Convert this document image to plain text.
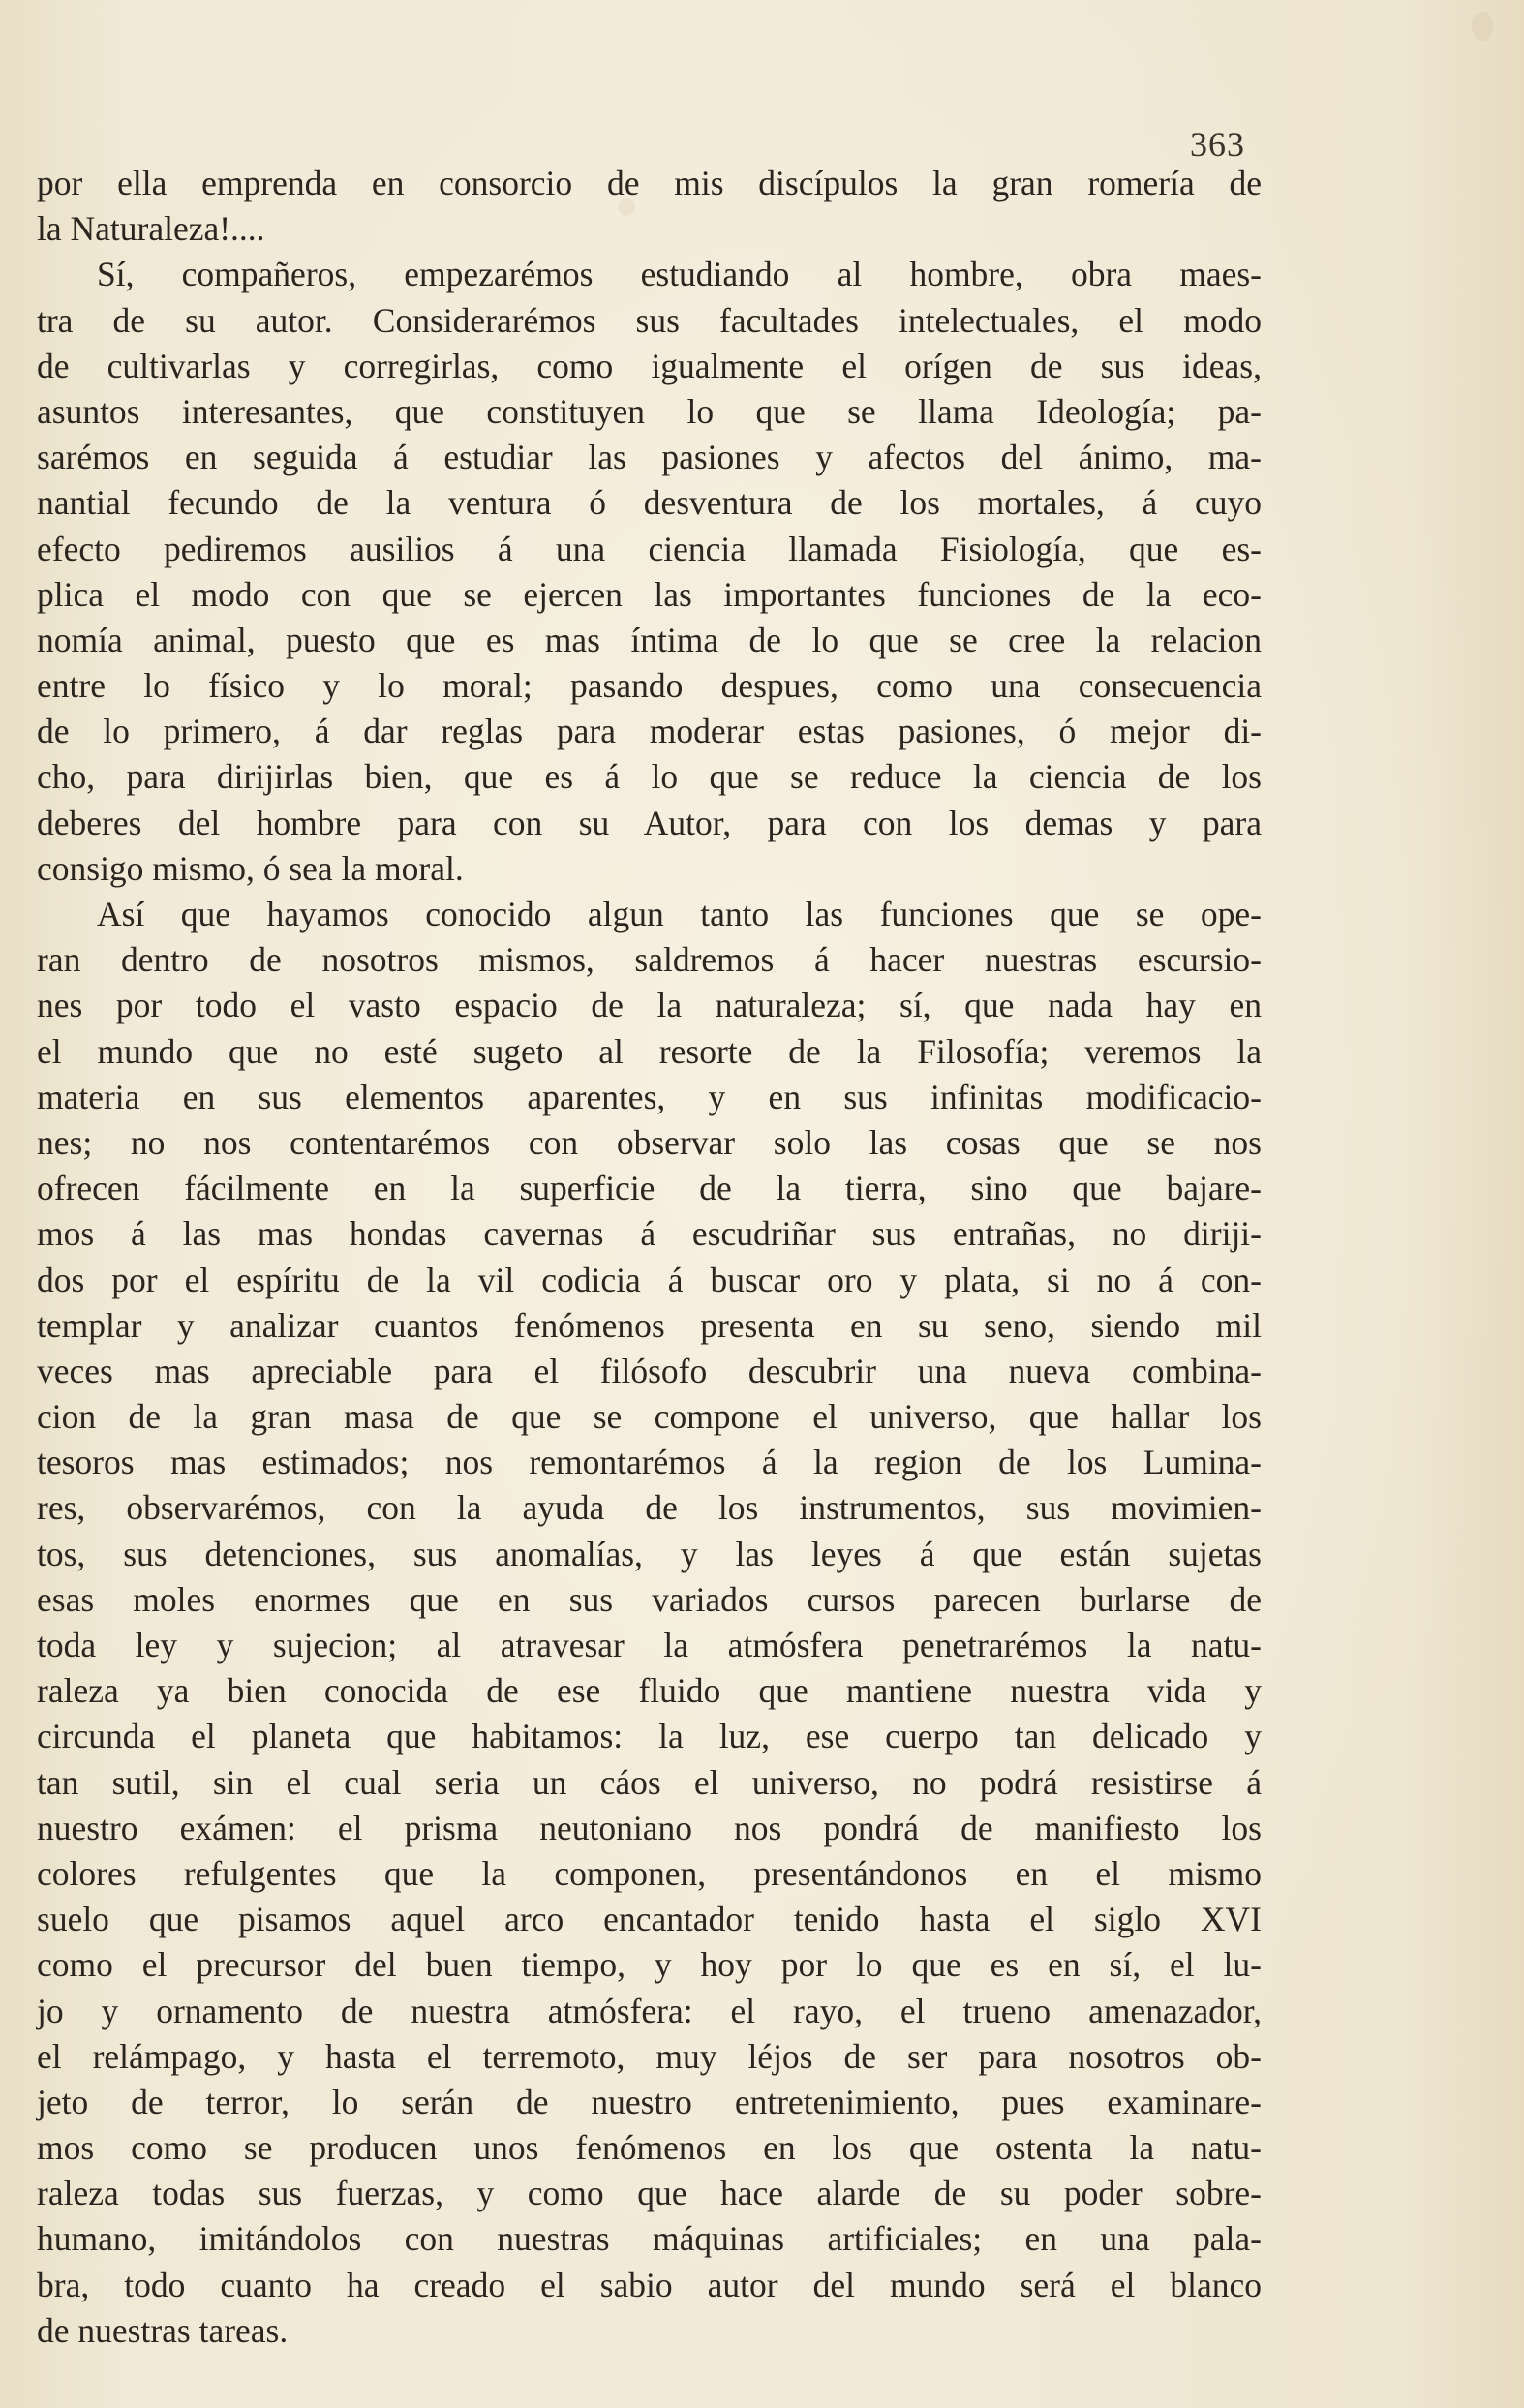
363
por ella emprenda en consorcio de mis discípulos la gran romería de
la Naturaleza!....
Sí, compañeros, empezarémos estudiando al hombre, obra maes-
tra de su autor. Considerarémos sus facultades intelectuales, el modo
de cultivarlas y corregirlas, como igualmente el orígen de sus ideas,
asuntos interesantes, que constituyen lo que se llama Ideología; pa-
sarémos en seguida á estudiar las pasiones y afectos del ánimo, ma-
nantial fecundo de la ventura ó desventura de los mortales, á cuyo
efecto pediremos ausilios á una ciencia llamada Fisiología, que es-
plica el modo con que se ejercen las importantes funciones de la eco-
nomía animal, puesto que es mas íntima de lo que se cree la relacion
entre lo físico y lo moral; pasando despues, como una consecuencia
de lo primero, á dar reglas para moderar estas pasiones, ó mejor di-
cho, para dirijirlas bien, que es á lo que se reduce la ciencia de los
deberes del hombre para con su Autor, para con los demas y para
consigo mismo, ó sea la moral.
Así que hayamos conocido algun tanto las funciones que se ope-
ran dentro de nosotros mismos, saldremos á hacer nuestras escursio-
nes por todo el vasto espacio de la naturaleza; sí, que nada hay en
el mundo que no esté sugeto al resorte de la Filosofía; veremos la
materia en sus elementos aparentes, y en sus infinitas modificacio-
nes; no nos contentarémos con observar solo las cosas que se nos
ofrecen fácilmente en la superficie de la tierra, sino que bajare-
mos á las mas hondas cavernas á escudriñar sus entrañas, no diriji-
dos por el espíritu de la vil codicia á buscar oro y plata, si no á con-
templar y analizar cuantos fenómenos presenta en su seno, siendo mil
veces mas apreciable para el filósofo descubrir una nueva combina-
cion de la gran masa de que se compone el universo, que hallar los
tesoros mas estimados; nos remontarémos á la region de los Lumina-
res, observarémos, con la ayuda de los instrumentos, sus movimien-
tos, sus detenciones, sus anomalías, y las leyes á que están sujetas
esas moles enormes que en sus variados cursos parecen burlarse de
toda ley y sujecion; al atravesar la atmósfera penetrarémos la natu-
raleza ya bien conocida de ese fluido que mantiene nuestra vida y
circunda el planeta que habitamos: la luz, ese cuerpo tan delicado y
tan sutil, sin el cual seria un cáos el universo, no podrá resistirse á
nuestro exámen: el prisma neutoniano nos pondrá de manifiesto los
colores refulgentes que la componen, presentándonos en el mismo
suelo que pisamos aquel arco encantador tenido hasta el siglo XVI
como el precursor del buen tiempo, y hoy por lo que es en sí, el lu-
jo y ornamento de nuestra atmósfera: el rayo, el trueno amenazador,
el relámpago, y hasta el terremoto, muy léjos de ser para nosotros ob-
jeto de terror, lo serán de nuestro entretenimiento, pues examinare-
mos como se producen unos fenómenos en los que ostenta la natu-
raleza todas sus fuerzas, y como que hace alarde de su poder sobre-
humano, imitándolos con nuestras máquinas artificiales; en una pala-
bra, todo cuanto ha creado el sabio autor del mundo será el blanco
de nuestras tareas.
